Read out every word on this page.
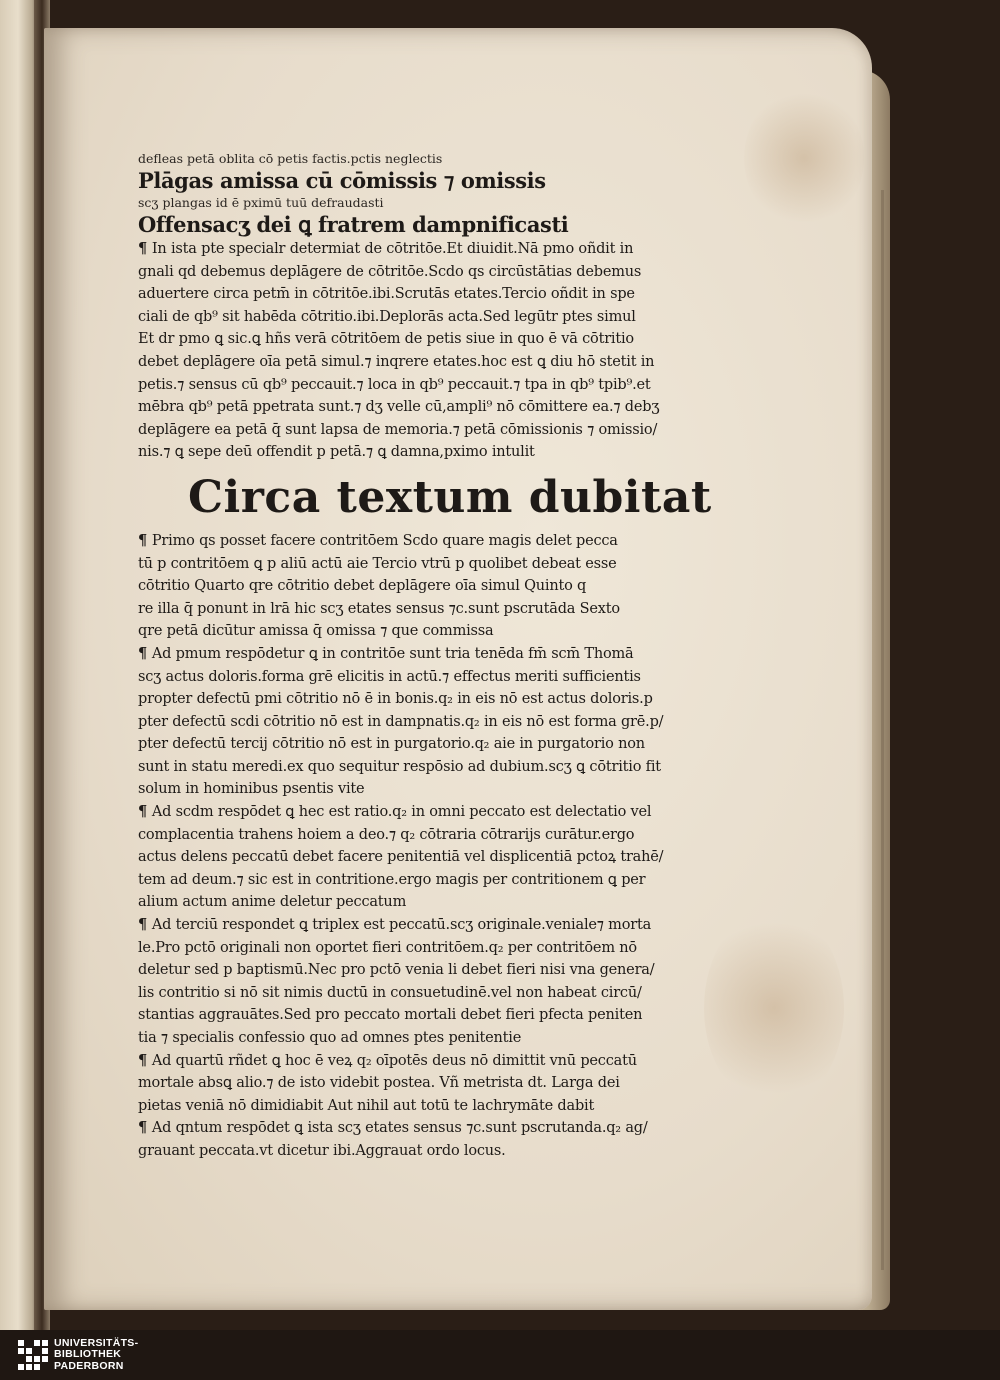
defleas petā oblita cō petis factis.pctis neglectis
Plāgas amissa cū cōmissis ⁊ omissis
scʒ plangas id ē pximū tuū defraudasti
Offensacʒ dei ꝗ fratrem dampnificasti
¶ In ista pte specialr determiat de cōtritōe.Et diuidit.Nā pmo oñdit in
gnali qd debemus deplāgere de cōtritōe.Scdo qs circūstātias debemus
aduertere circa petm̄ in cōtritōe.ibi.Scrutās etates.Tercio oñdit in spe
ciali de qb⁹ sit habēda cōtritio.ibi.Deplorās acta.Sed legūtr ptes simul
Et dr pmo ꝗ sic.ꝗ hñs verā cōtritōem de petis siue in quo ē vā cōtritio
debet deplāgere oīa petā simul.⁊ inqrere etates.hoc est ꝗ diu hō stetit in
petis.⁊ sensus cū qb⁹ peccauit.⁊ loca in qb⁹ peccauit.⁊ tpa in qb⁹ tpib⁹.et
mēbra qb⁹ petā ppetrata sunt.⁊ dʒ velle cū,ampli⁹ nō cōmittere ea.⁊ debʒ
deplāgere ea petā q̄ sunt lapsa de memoria.⁊ petā cōmissionis ⁊ omissio/
nis.⁊ ꝗ sepe deū offendit p petā.⁊ ꝗ damna,pximo intulit
Circa textum dubitat
¶ Primo qs posset facere contritōem Scdo quare magis delet pecca
tū p contritōem ꝗ p aliū actū aie Tercio vtrū p quolibet debeat esse
cōtritio Quarto qre cōtritio debet deplāgere oīa simul Quinto q
re illa q̄ ponunt in lrā hic scʒ etates sensus ⁊c.sunt pscrutāda Sexto
qre petā dicūtur amissa q̄ omissa ⁊ que commissa
¶ Ad pmum respōdetur ꝗ in contritōe sunt tria tenēda fm̄ scm̄ Thomā
scʒ actus doloris.forma grē elicitis in actū.⁊ effectus meriti sufficientis
propter defectū pmi cōtritio nō ē in bonis.q₂ in eis nō est actus doloris.p
pter defectū scdi cōtritio nō est in dampnatis.q₂ in eis nō est forma grē.p/
pter defectū tercij cōtritio nō est in purgatorio.q₂ aie in purgatorio non
sunt in statu meredi.ex quo sequitur respōsio ad dubium.scʒ ꝗ cōtritio fit
solum in hominibus psentis vite
¶ Ad scdm respōdet ꝗ hec est ratio.q₂ in omni peccato est delectatio vel
complacentia trahens hoiem a deo.⁊ q₂ cōtraria cōtrarijs curātur.ergo
actus delens peccatū debet facere penitentiā vel displicentiā pctoꝝ trahē/
tem ad deum.⁊ sic est in contritione.ergo magis per contritionem ꝗ per
alium actum anime deletur peccatum
¶ Ad terciū respondet ꝗ triplex est peccatū.scʒ originale.veniale⁊ morta
le.Pro pctō originali non oportet fieri contritōem.q₂ per contritōem nō
deletur sed p baptismū.Nec pro pctō venia li debet fieri nisi vna genera/
lis contritio si nō sit nimis ductū in consuetudinē.vel non habeat circū/
stantias aggrauātes.Sed pro peccato mortali debet fieri pfecta peniten
tia ⁊ specialis confessio quo ad omnes ptes penitentie
¶ Ad quartū rñdet ꝗ hoc ē veꝝ q₂ oīpotēs deus nō dimittit vnū peccatū
mortale absꝗ alio.⁊ de isto videbit postea. Vñ metrista dt. Larga dei
pietas veniā nō dimidiabit Aut nihil aut totū te lachrymāte dabit
¶ Ad qntum respōdet ꝗ ista scʒ etates sensus ⁊c.sunt pscrutanda.q₂ ag/
grauant peccata.vt dicetur ibi.Aggrauat ordo locus.
UNIVERSITÄTS-
BIBLIOTHEK
PADERBORN
